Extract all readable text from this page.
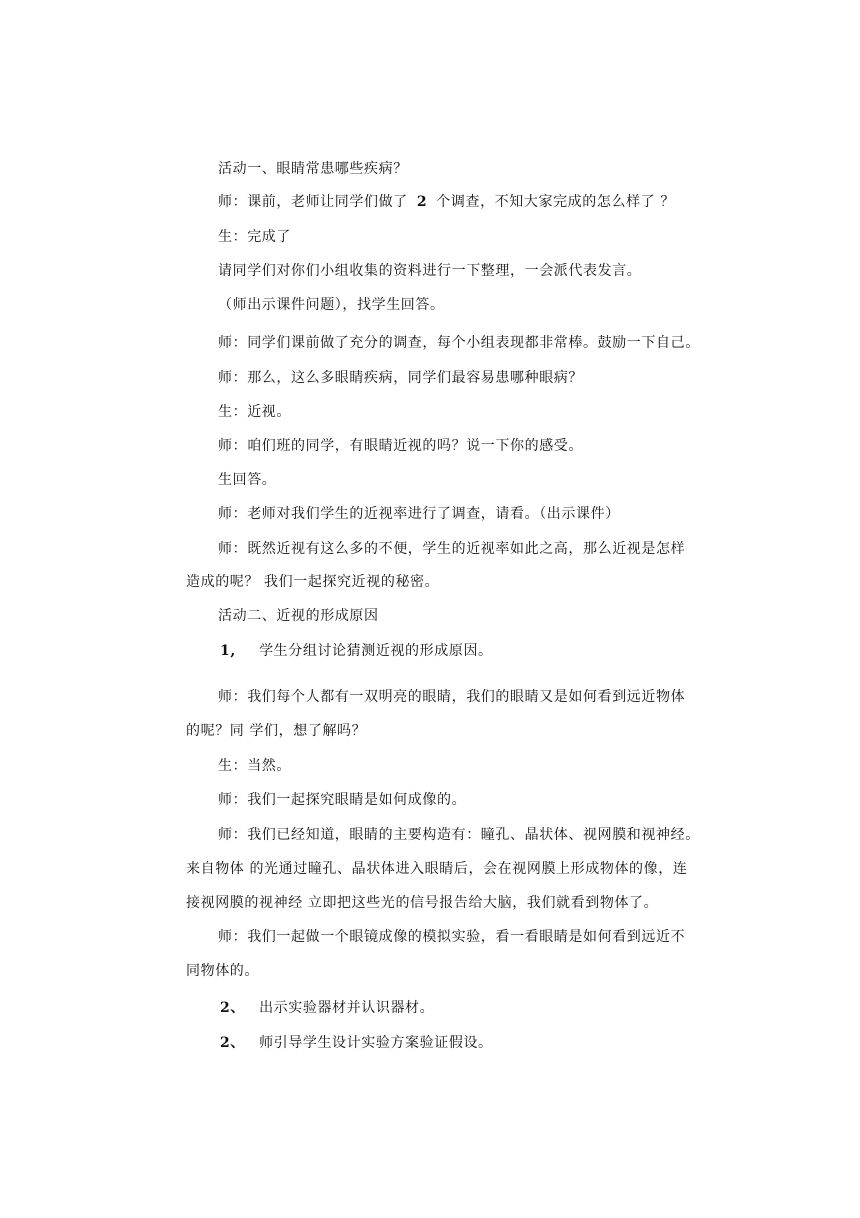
活动一、眼睛常患哪些疾病？
师：课前，老师让同学们做了 2 个调查，不知大家完成的怎么样了 ？
生：完成了
请同学们对你们小组收集的资料进行一下整理，一会派代表发言。
（师出示课件问题），找学生回答。
师：同学们课前做了充分的调查，每个小组表现都非常棒。鼓励一下自己。
师：那么，这么多眼睛疾病，同学们最容易患哪种眼病？
生：近视。
师：咱们班的同学，有眼睛近视的吗？说一下你的感受。
生回答。
师：老师对我们学生的近视率进行了调查，请看。（出示课件）
师：既然近视有这么多的不便，学生的近视率如此之高，那么近视是怎样
造成的呢？ 我们一起探究近视的秘密。
活动二、近视的形成原因
1, 学生分组讨论猜测近视的形成原因。
师：我们每个人都有一双明亮的眼睛，我们的眼睛又是如何看到远近物体
的呢？同 学们，想了解吗？
生：当然。
师：我们一起探究眼睛是如何成像的。
师：我们已经知道，眼睛的主要构造有：瞳孔、晶状体、视网膜和视神经。
来自物体 的光通过瞳孔、晶状体进入眼睛后，会在视网膜上形成物体的像，连
接视网膜的视神经 立即把这些光的信号报告给大脑，我们就看到物体了。
师：我们一起做一个眼镜成像的模拟实验，看一看眼睛是如何看到远近不
同物体的。
2、 出示实验器材并认识器材。
2、 师引导学生设计实验方案验证假设。
